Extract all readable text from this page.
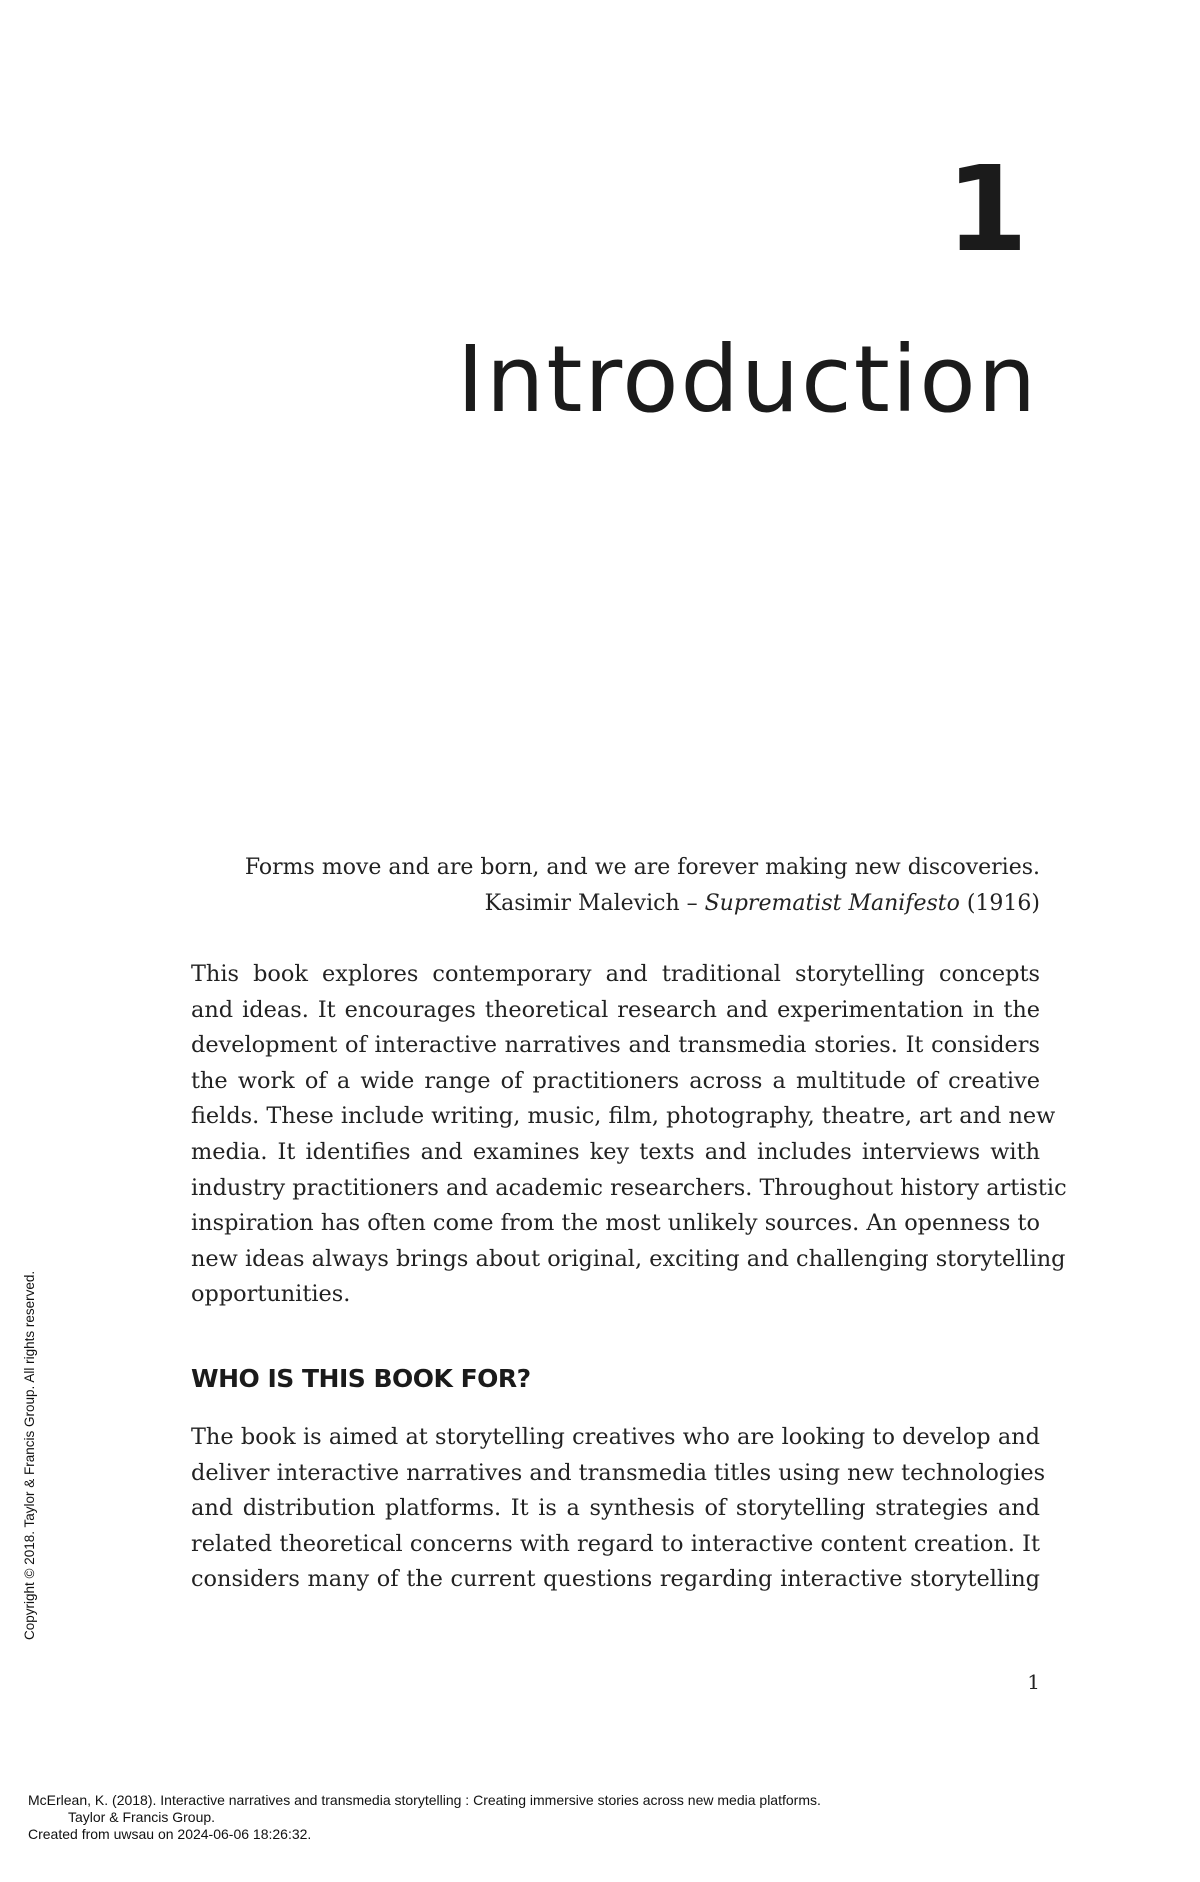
1
Introduction
Forms move and are born, and we are forever making new discoveries.
Kasimir Malevich – Suprematist Manifesto (1916)
This book explores contemporary and traditional storytelling concepts
and ideas. It encourages theoretical research and experimentation in the
development of interactive narratives and transmedia stories. It considers
the work of a wide range of practitioners across a multitude of creative
fields. These include writing, music, film, photography, theatre, art and new
media. It identifies and examines key texts and includes interviews with
industry practitioners and academic researchers. Throughout history artistic
inspiration has often come from the most unlikely sources. An openness to
new ideas always brings about original, exciting and challenging storytelling
opportunities.
WHO IS THIS BOOK FOR?
The book is aimed at storytelling creatives who are looking to develop and
deliver interactive narratives and transmedia titles using new technologies
and distribution platforms. It is a synthesis of storytelling strategies and
related theoretical concerns with regard to interactive content creation. It
considers many of the current questions regarding interactive storytelling
1
Copyright © 2018. Taylor & Francis Group. All rights reserved.
McErlean, K. (2018). Interactive narratives and transmedia storytelling : Creating immersive stories across new media platforms.
Taylor & Francis Group.
Created from uwsau on 2024-06-06 18:26:32.
